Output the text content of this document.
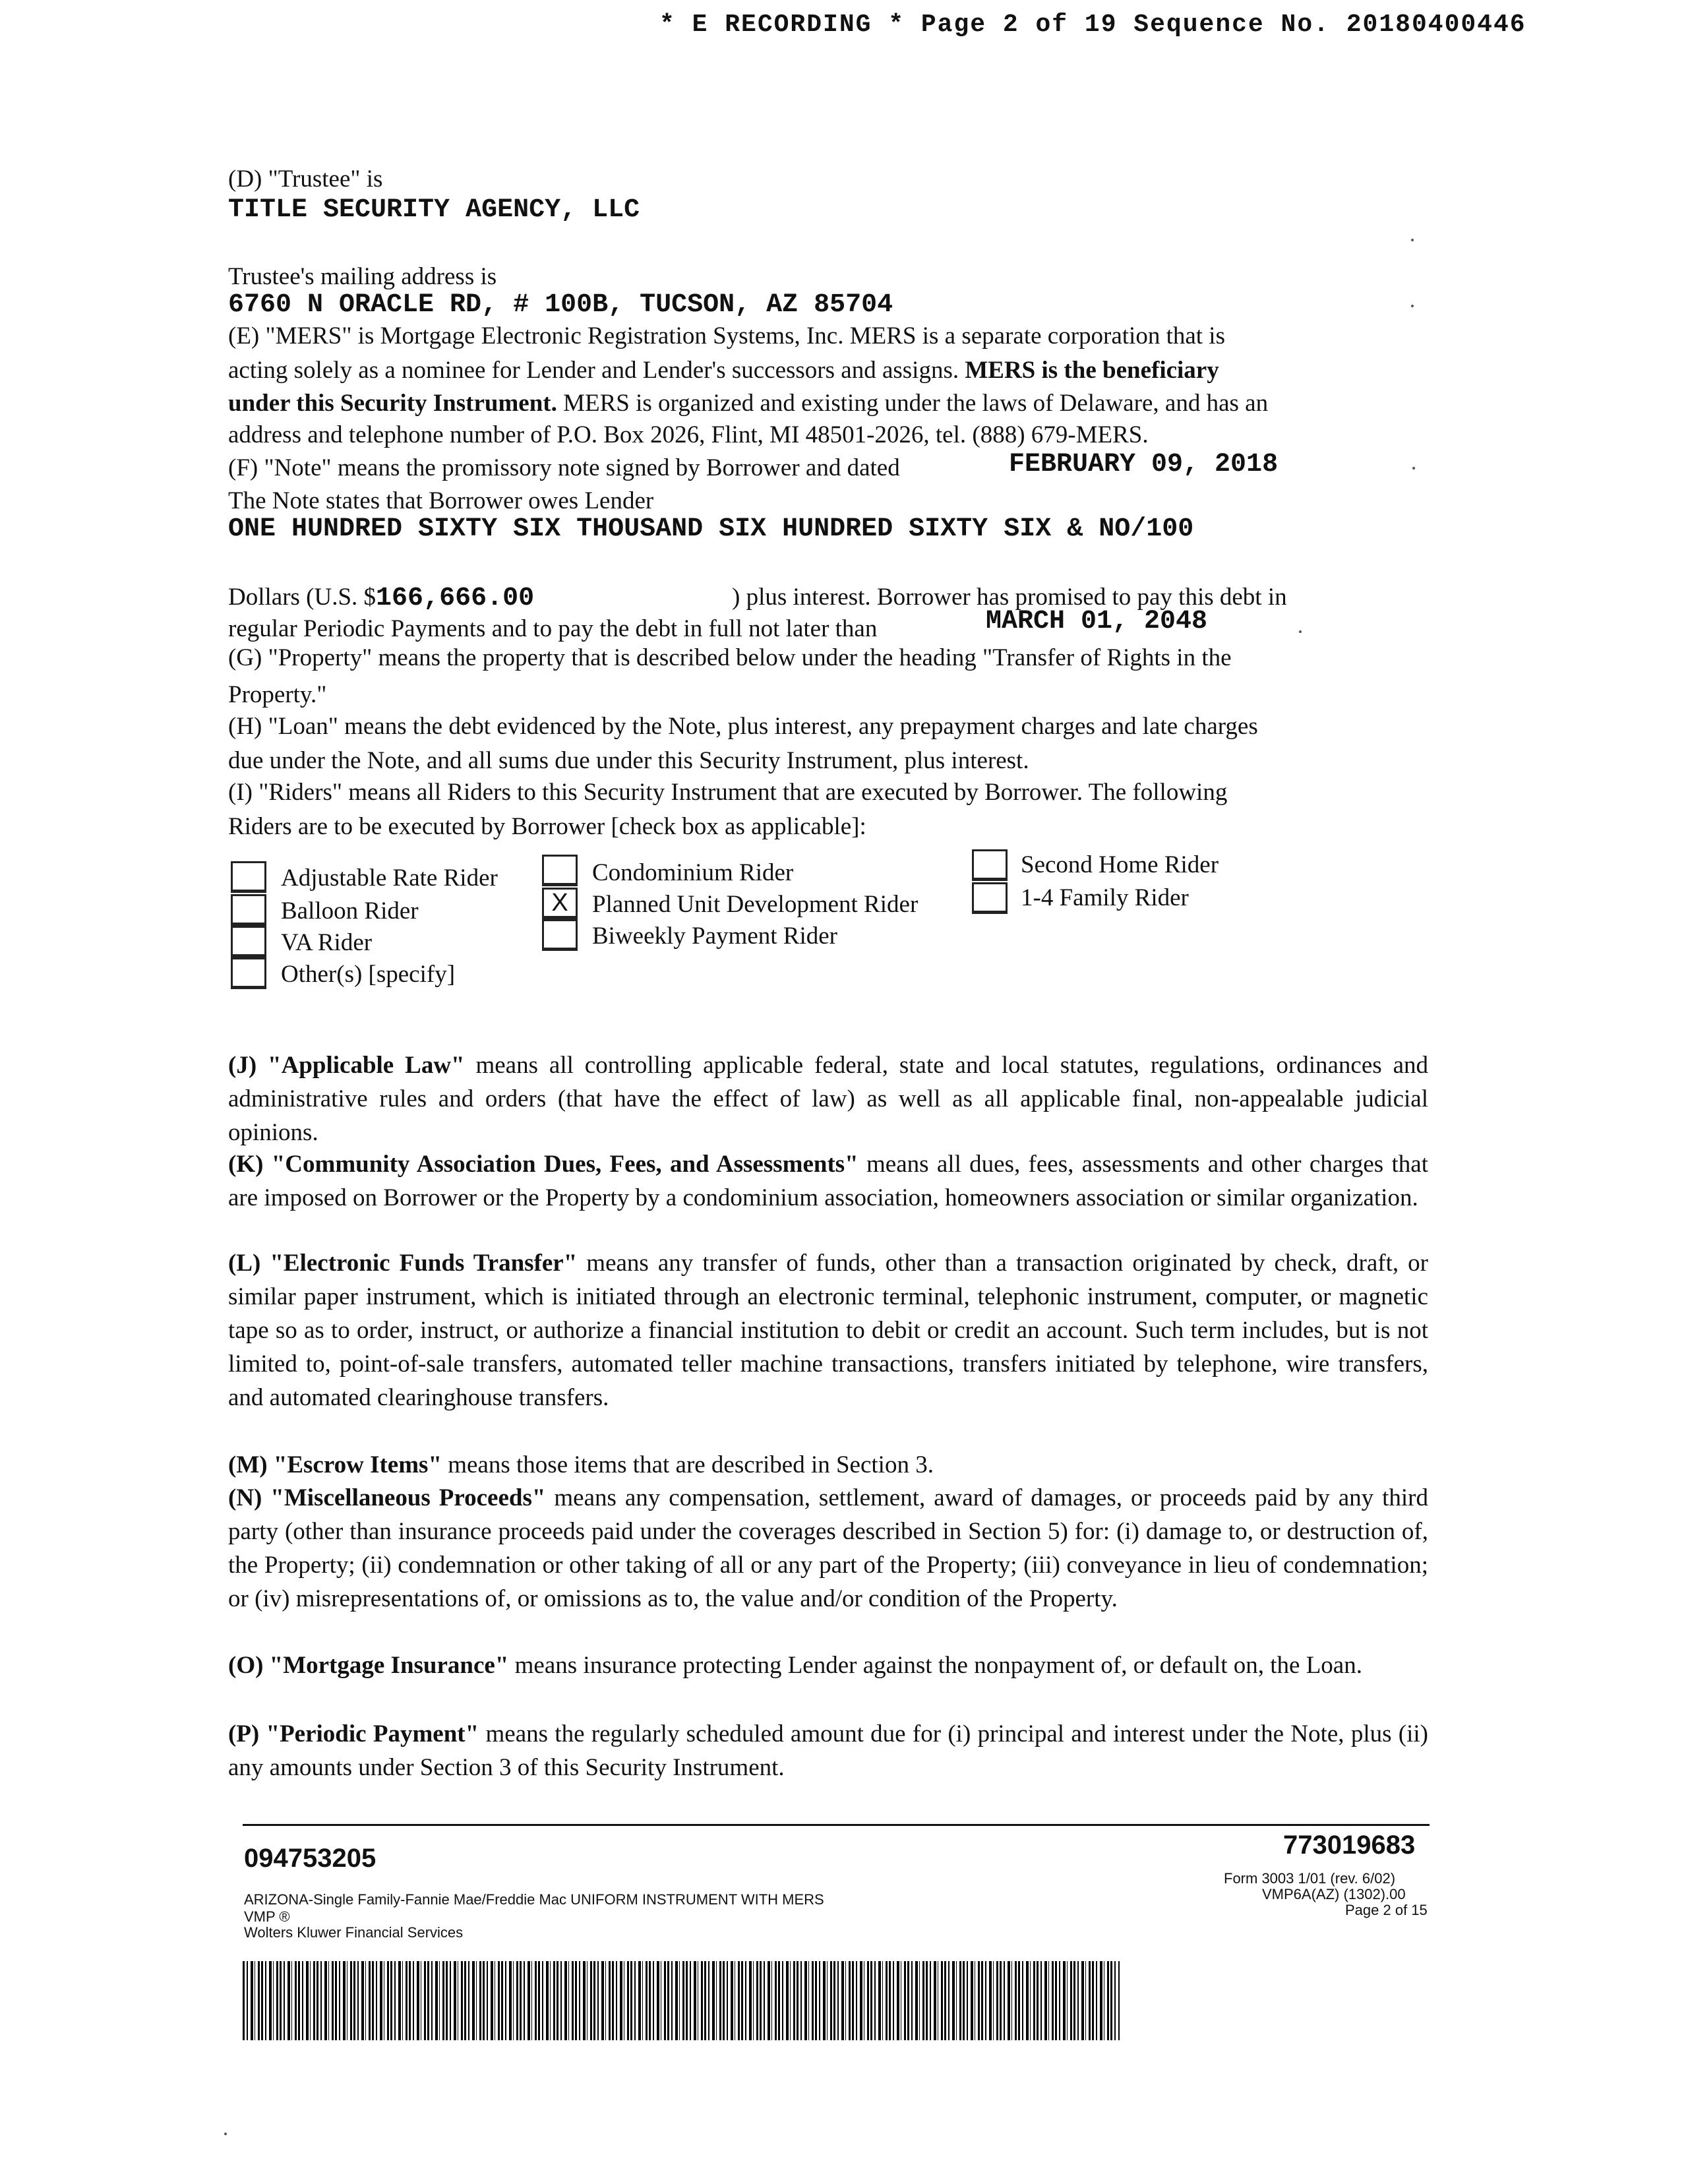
* E RECORDING * Page 2 of 19 Sequence No. 20180400446
(D) "Trustee" is
TITLE SECURITY AGENCY, LLC
Trustee's mailing address is
6760 N ORACLE RD, # 100B, TUCSON, AZ 85704
(E) "MERS" is Mortgage Electronic Registration Systems, Inc. MERS is a separate corporation that is
acting solely as a nominee for Lender and Lender's successors and assigns. MERS is the beneficiary
under this Security Instrument. MERS is organized and existing under the laws of Delaware, and has an
address and telephone number of P.O. Box 2026, Flint, MI 48501-2026, tel. (888) 679-MERS.
(F) "Note" means the promissory note signed by Borrower and dated	FEBRUARY 09, 2018
The Note states that Borrower owes Lender
ONE HUNDRED SIXTY SIX THOUSAND SIX HUNDRED SIXTY SIX & NO/100
Dollars (U.S. $166,666.00	) plus interest. Borrower has promised to pay this debt in
regular Periodic Payments and to pay the debt in full not later than	MARCH 01, 2048
(G) "Property" means the property that is described below under the heading "Transfer of Rights in the
Property."
(H) "Loan" means the debt evidenced by the Note, plus interest, any prepayment charges and late charges
due under the Note, and all sums due under this Security Instrument, plus interest.
(I) "Riders" means all Riders to this Security Instrument that are executed by Borrower. The following
Riders are to be executed by Borrower [check box as applicable]:
Adjustable Rate Rider
Balloon Rider
VA Rider
Other(s) [specify]
Condominium Rider
X Planned Unit Development Rider
Biweekly Payment Rider
Second Home Rider
1-4 Family Rider
(J) "Applicable Law" means all controlling applicable federal, state and local statutes, regulations, ordinances and administrative rules and orders (that have the effect of law) as well as all applicable final, non-appealable judicial opinions.
(K) "Community Association Dues, Fees, and Assessments" means all dues, fees, assessments and other charges that are imposed on Borrower or the Property by a condominium association, homeowners association or similar organization.
(L) "Electronic Funds Transfer" means any transfer of funds, other than a transaction originated by check, draft, or similar paper instrument, which is initiated through an electronic terminal, telephonic instrument, computer, or magnetic tape so as to order, instruct, or authorize a financial institution to debit or credit an account. Such term includes, but is not limited to, point-of-sale transfers, automated teller machine transactions, transfers initiated by telephone, wire transfers, and automated clearinghouse transfers.
(M) "Escrow Items" means those items that are described in Section 3.
(N) "Miscellaneous Proceeds" means any compensation, settlement, award of damages, or proceeds paid by any third party (other than insurance proceeds paid under the coverages described in Section 5) for: (i) damage to, or destruction of, the Property; (ii) condemnation or other taking of all or any part of the Property; (iii) conveyance in lieu of condemnation; or (iv) misrepresentations of, or omissions as to, the value and/or condition of the Property.
(O) "Mortgage Insurance" means insurance protecting Lender against the nonpayment of, or default on, the Loan.
(P) "Periodic Payment" means the regularly scheduled amount due for (i) principal and interest under the Note, plus (ii) any amounts under Section 3 of this Security Instrument.
094753205	773019683
ARIZONA-Single Family-Fannie Mae/Freddie Mac UNIFORM INSTRUMENT WITH MERS
VMP ®
Wolters Kluwer Financial Services
Form 3003 1/01 (rev. 6/02)
VMP6A(AZ) (1302).00
Page 2 of 15
